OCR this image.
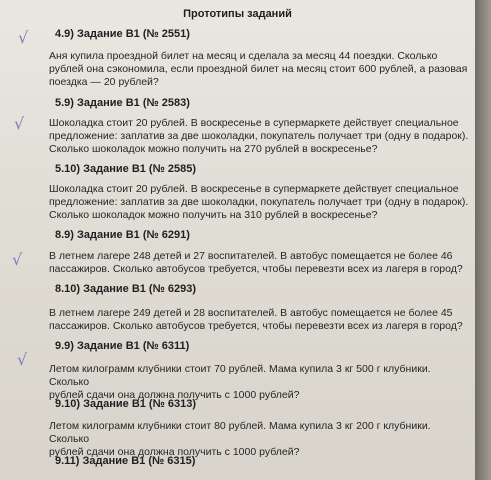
Прототипы заданий
√ 4.9) Задание B1 (№ 2551)
Аня купила проездной билет на месяц и сделала за месяц 44 поездки. Сколько
рублей она сэкономила, если проездной билет на месяц стоит 600 рублей, а разовая
поездка — 20 рублей?
√
5.9) Задание B1 (№ 2583)
Шоколадка стоит 20 рублей. В воскресенье в супермаркете действует специальное
предложение: заплатив за две шоколадки, покупатель получает три (одну в подарок).
Сколько шоколадок можно получить на 270 рублей в воскресенье?
5.10) Задание B1 (№ 2585)
Шоколадка стоит 20 рублей. В воскресенье в супермаркете действует специальное
предложение: заплатив за две шоколадки, покупатель получает три (одну в подарок).
Сколько шоколадок можно получить на 310 рублей в воскресенье?
√
8.9) Задание B1 (№ 6291)
В летнем лагере 248 детей и 27 воспитателей. В автобус помещается не более 46
пассажиров. Сколько автобусов требуется, чтобы перевезти всех из лагеря в город?
8.10) Задание B1 (№ 6293)
В летнем лагере 249 детей и 28 воспитателей. В автобус помещается не более 45
пассажиров. Сколько автобусов требуется, чтобы перевезти всех из лагеря в город?
√
9.9) Задание B1 (№ 6311)
Летом килограмм клубники стоит 70 рублей. Мама купила 3 кг 500 г клубники. Сколько
рублей сдачи она должна получить с 1000 рублей?
9.10) Задание B1 (№ 6313)
Летом килограмм клубники стоит 80 рублей. Мама купила 3 кг 200 г клубники. Сколько
рублей сдачи она должна получить с 1000 рублей?
9.11) Задание B1 (№ 6315)
